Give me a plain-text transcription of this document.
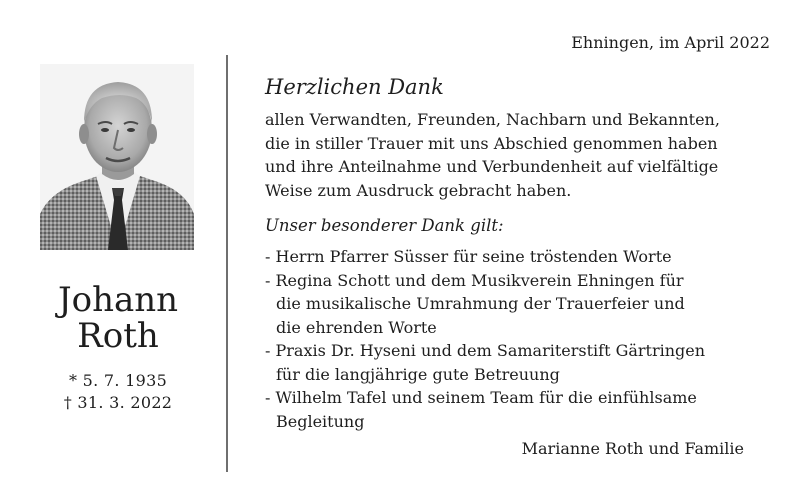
Johann
Roth
* 5. 7. 1935
† 31. 3. 2022
Ehningen, im April 2022
Herzlichen Dank
allen Verwandten, Freunden, Nachbarn und Bekannten,
die in stiller Trauer mit uns Abschied genommen haben
und ihre Anteilnahme und Verbundenheit auf vielfältige
Weise zum Ausdruck gebracht haben.
Unser besonderer Dank gilt:
- Herrn Pfarrer Süsser für seine tröstenden Worte
- Regina Schott und dem Musikverein Ehningen für
die musikalische Umrahmung der Trauerfeier und
die ehrenden Worte
- Praxis Dr. Hyseni und dem Samariterstift Gärtringen
für die langjährige gute Betreuung
- Wilhelm Tafel und seinem Team für die einfühlsame
Begleitung
Marianne Roth und Familie
